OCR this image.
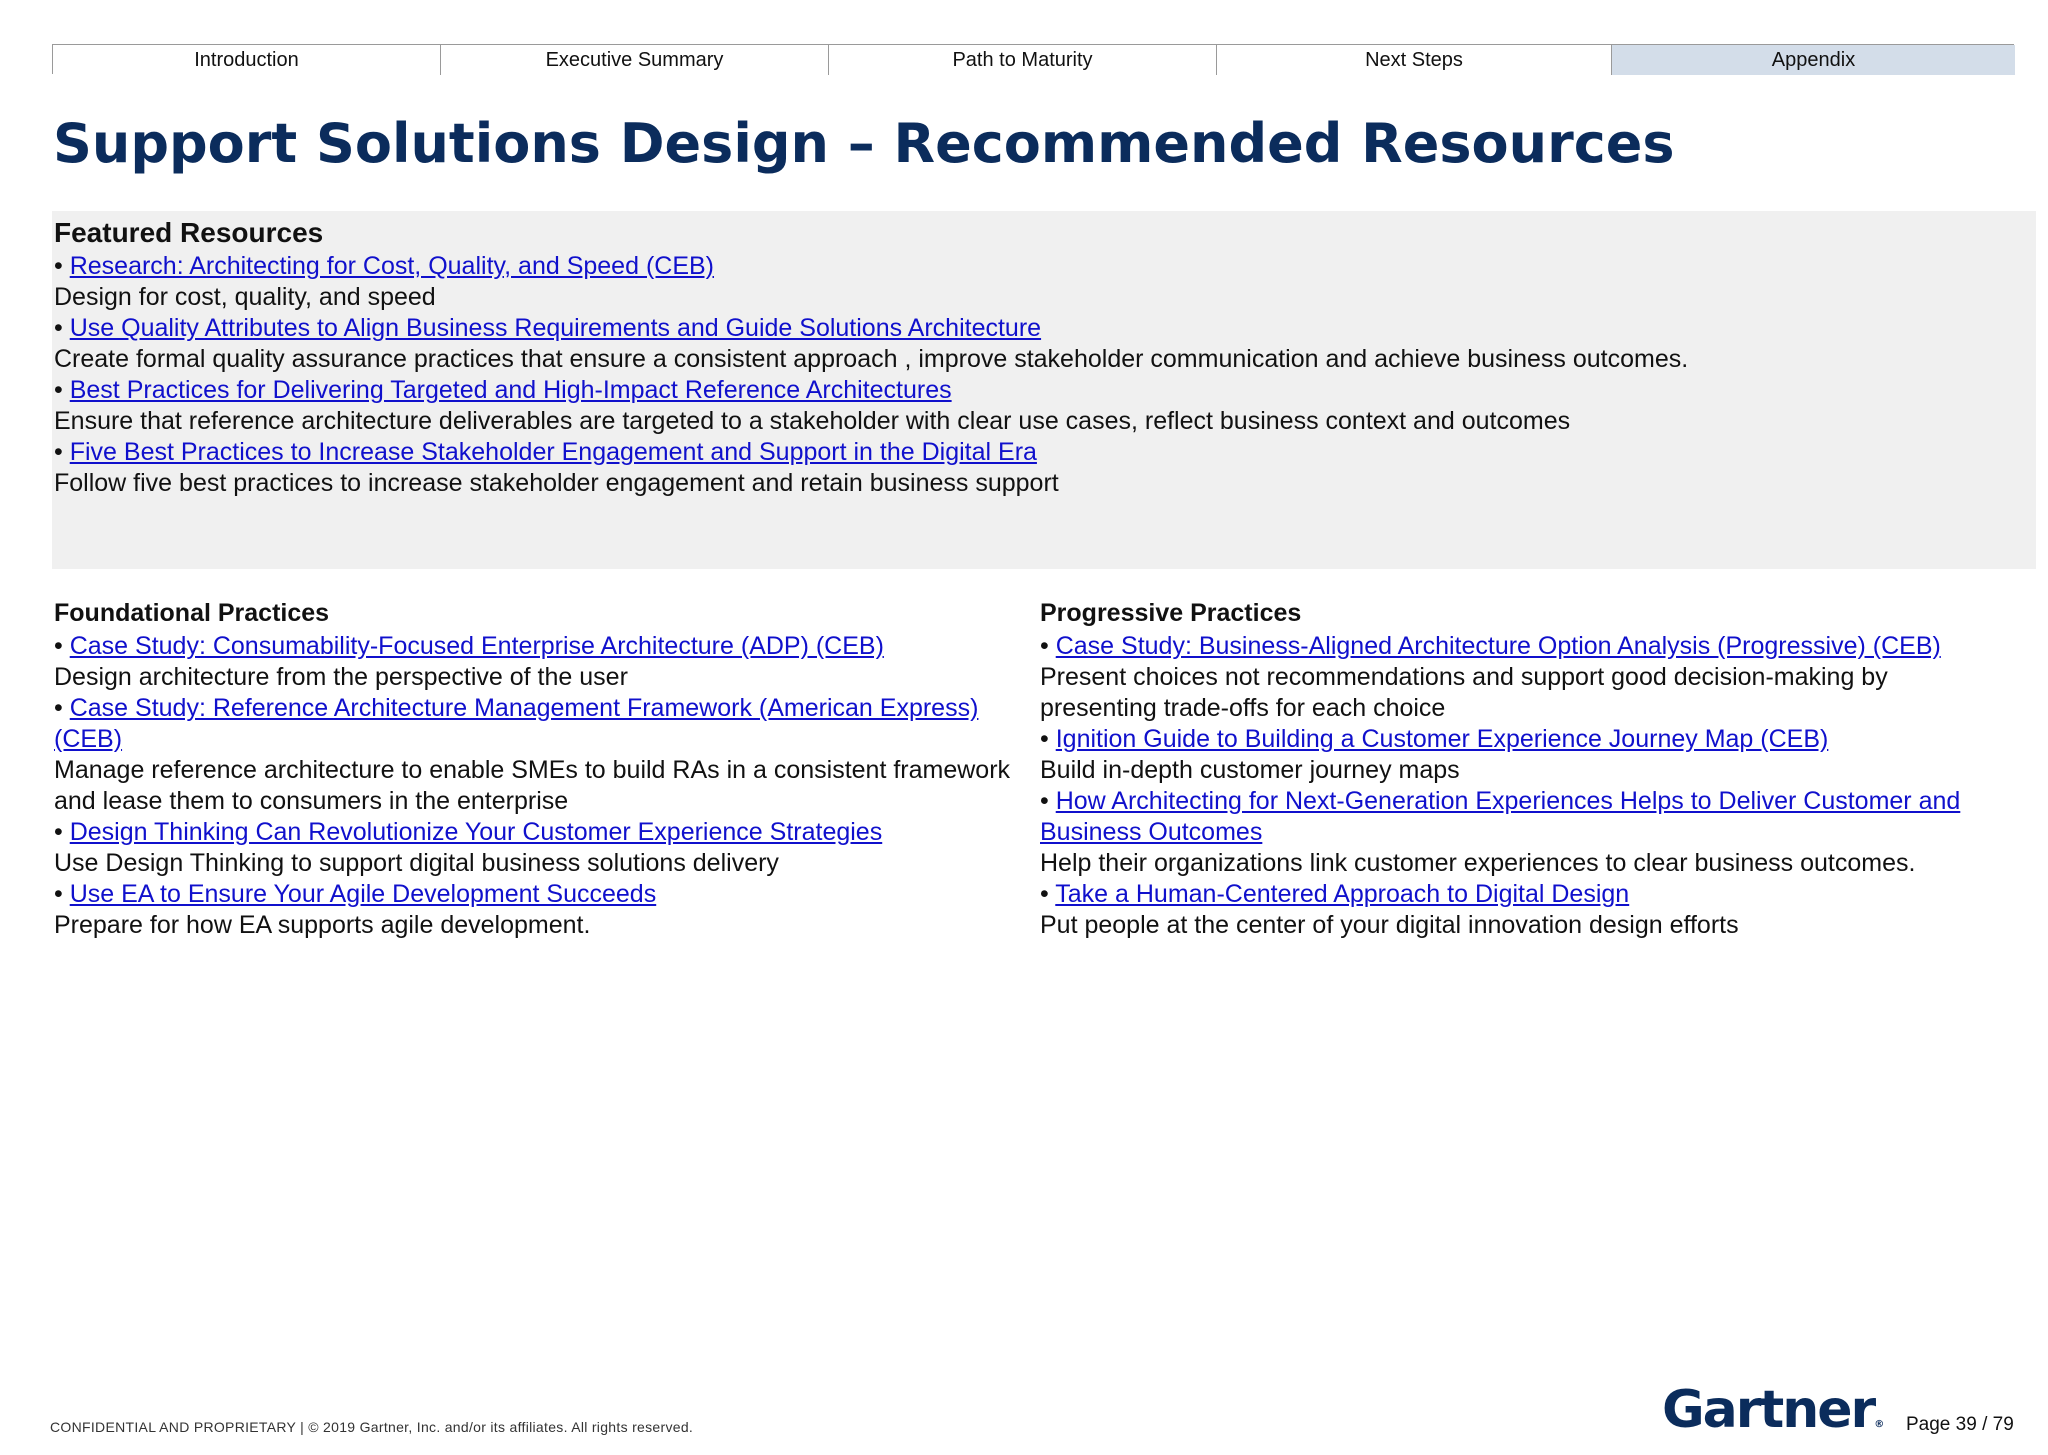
Introduction	Executive Summary	Path to Maturity	Next Steps	Appendix
Support Solutions Design – Recommended Resources

Featured Resources

• Research: Architecting for Cost, Quality, and Speed (CEB)

Design for cost, quality, and speed

• Use Quality Attributes to Align Business Requirements and Guide Solutions Architecture

Create formal quality assurance practices that ensure a consistent approach , improve stakeholder communication and achieve business outcomes.

• Best Practices for Delivering Targeted and High-Impact Reference Architectures

Ensure that reference architecture deliverables are targeted to a stakeholder with clear use cases, reflect business context and outcomes

• Five Best Practices to Increase Stakeholder Engagement and Support in the Digital Era

Follow five best practices to increase stakeholder engagement and retain business support

Foundational Practices

• Case Study: Consumability-Focused Enterprise Architecture (ADP) (CEB)

Design architecture from the perspective of the user

• Case Study: Reference Architecture Management Framework (American Express) (CEB)

Manage reference architecture to enable SMEs to build RAs in a consistent framework and lease them to consumers in the enterprise

• Design Thinking Can Revolutionize Your Customer Experience Strategies

Use Design Thinking to support digital business solutions delivery

• Use EA to Ensure Your Agile Development Succeeds

Prepare for how EA supports agile development.

Progressive Practices

• Case Study: Business-Aligned Architecture Option Analysis (Progressive) (CEB)

Present choices not recommendations and support good decision-making by presenting trade-offs for each choice

• Ignition Guide to Building a Customer Experience Journey Map (CEB)

Build in-depth customer journey maps

• How Architecting for Next-Generation Experiences Helps to Deliver Customer and Business Outcomes

Help their organizations link customer experiences to clear business outcomes.

• Take a Human-Centered Approach to Digital Design

Put people at the center of your digital innovation design efforts

CONFIDENTIAL AND PROPRIETARY | © 2019 Gartner, Inc. and/or its affiliates. All rights reserved.	Gartner® Page 39 / 79
